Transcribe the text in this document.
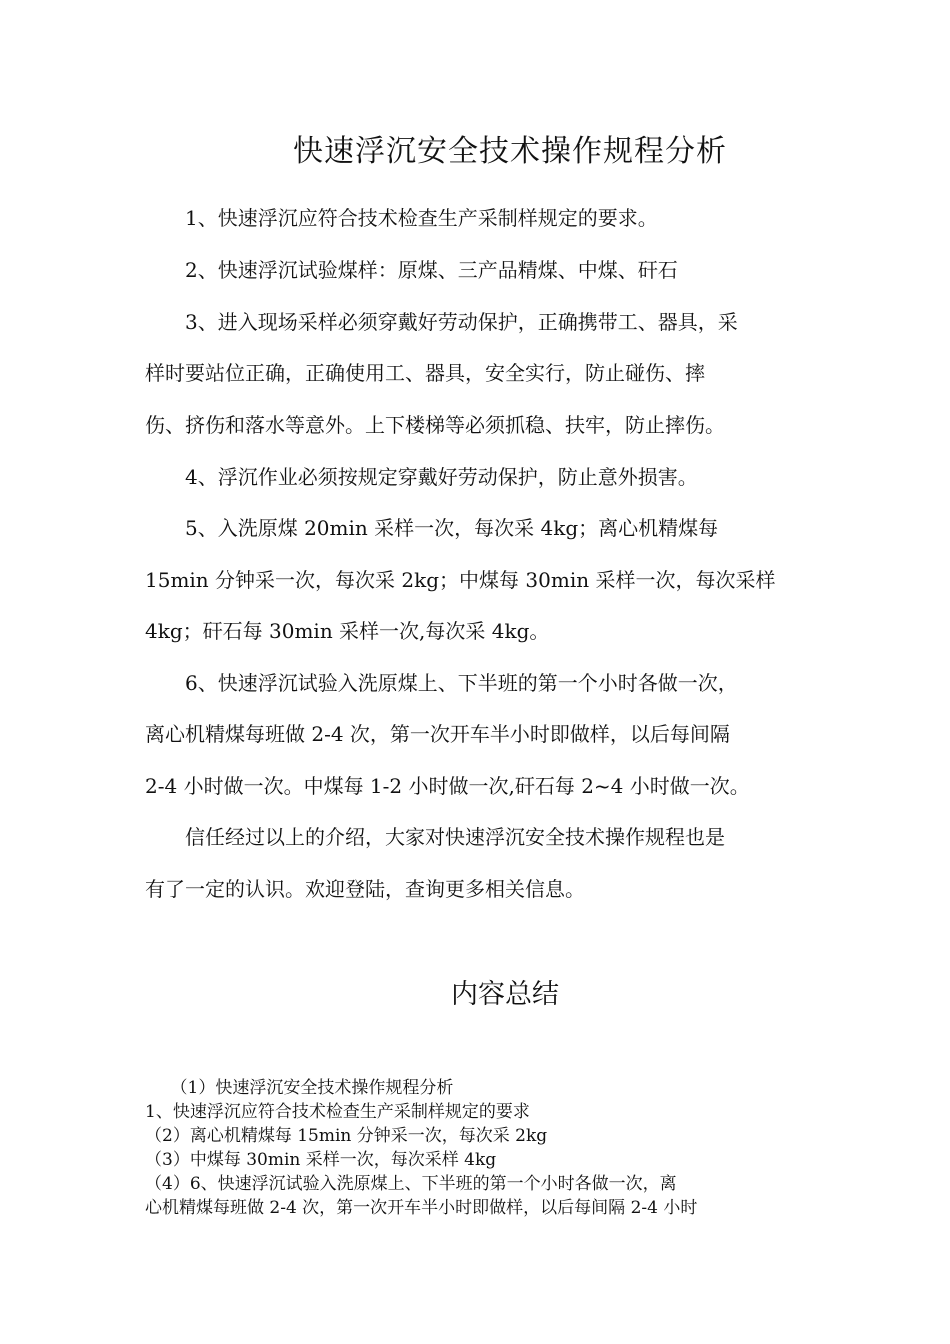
快速浮沉安全技术操作规程分析
　　1、快速浮沉应符合技术检查生产采制样规定的要求。
　　2、快速浮沉试验煤样：原煤、三产品精煤、中煤、矸石
　　3、进入现场采样必须穿戴好劳动保护，正确携带工、器具，采
样时要站位正确，正确使用工、器具，安全实行，防止碰伤、摔
伤、挤伤和落水等意外。上下楼梯等必须抓稳、扶牢，防止摔伤。
　　4、浮沉作业必须按规定穿戴好劳动保护，防止意外损害。
　　5、入洗原煤 20min 采样一次，每次采 4kg；离心机精煤每
15min 分钟采一次，每次采 2kg；中煤每 30min 采样一次，每次采样
4kg；矸石每 30min 采样一次,每次采 4kg。
　　6、快速浮沉试验入洗原煤上、下半班的第一个小时各做一次，
离心机精煤每班做 2-4 次，第一次开车半小时即做样，以后每间隔
2-4 小时做一次。中煤每 1-2 小时做一次,矸石每 2~4 小时做一次。
　　信任经过以上的介绍，大家对快速浮沉安全技术操作规程也是
有了一定的认识。欢迎登陆，查询更多相关信息。
内容总结
　　（1）快速浮沉安全技术操作规程分析
1、快速浮沉应符合技术检查生产采制样规定的要求
（2）离心机精煤每 15min 分钟采一次，每次采 2kg
（3）中煤每 30min 采样一次，每次采样 4kg
（4）6、快速浮沉试验入洗原煤上、下半班的第一个小时各做一次，离
心机精煤每班做 2-4 次，第一次开车半小时即做样，以后每间隔 2-4 小时
